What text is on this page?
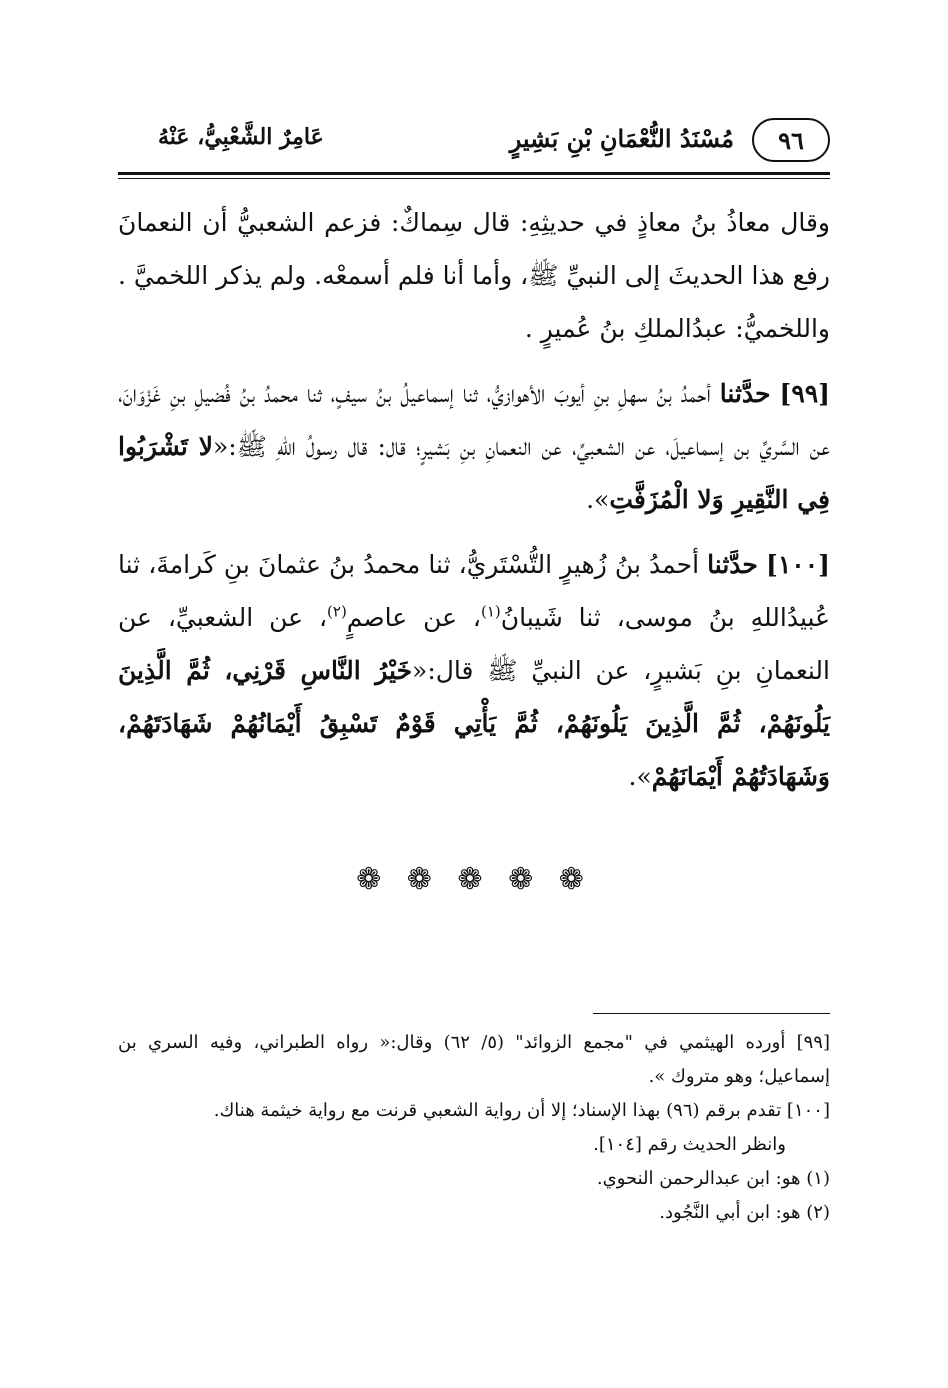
٩٦
مُسْنَدُ النُّعْمَانِ بْنِ بَشِيرٍ
عَامِرٌ الشَّعْبِيُّ، عَنْهُ

وقال معاذُ بنُ معاذٍ في حديثِهِ: قال سِماكٌ: فزعم الشعبيُّ أن النعمانَ رفع هذا الحديثَ إلى النبيِّ ﷺ، وأما أنا فلم أسمعْه. ولم يذكر اللخميَّ . واللخميُّ: عبدُالملكِ بنُ عُميرٍ .

[٩٩] حدَّثنا أحمدُ بنُ سهلِ بنِ أيوبَ الأهوازيُّ، ثنا إسماعيلُ بنُ سيفٍ، ثنا محمدُ بنُ فُضيلِ بنِ غَزْوَانَ، عن السَّريِّ بن إسماعيلَ، عن الشعبيِّ، عن النعمانِ بنِ بَشيرٍ؛ قال: قال رسولُ اللهِ ﷺ:«لا تَشْرَبُوا فِي النَّقِيرِ وَلا الْمُزَفَّتِ».

[١٠٠] حدَّثنا أحمدُ بنُ زُهيرٍ التُّسْتَريُّ، ثنا محمدُ بنُ عثمانَ بنِ كَرامةَ، ثنا عُبيدُاللهِ بنُ موسى، ثنا شَيبانُ$^{(١)}$، عن عاصمٍ$^{(٢)}$، عن الشعبيِّ، عن النعمانِ بنِ بَشيرٍ، عن النبيِّ ﷺ قال:«خَيْرُ النَّاسِ قَرْنِي، ثُمَّ الَّذِينَ يَلُونَهُمْ، ثُمَّ الَّذِينَ يَلُونَهُمْ، ثُمَّ يَأْتِي قَوْمٌ تَسْبِقُ أَيْمَانُهُمْ شَهَادَتَهُمْ، وَشَهَادَتُهُمْ أَيْمَانَهُمْ».

❁ ❁ ❁ ❁ ❁

[٩٩] أورده الهيثمي في "مجمع الزوائد" (٥/ ٦٢) وقال:« رواه الطبراني، وفيه السري بن إسماعيل؛ وهو متروك ».

[١٠٠] تقدم برقم (٩٦) بهذا الإسناد؛ إلا أن رواية الشعبي قرنت مع رواية خيثمة هناك.

وانظر الحديث رقم [١٠٤].

(١) هو: ابن عبدالرحمن النحوي.

(٢) هو: ابن أبي النَّجُود.
